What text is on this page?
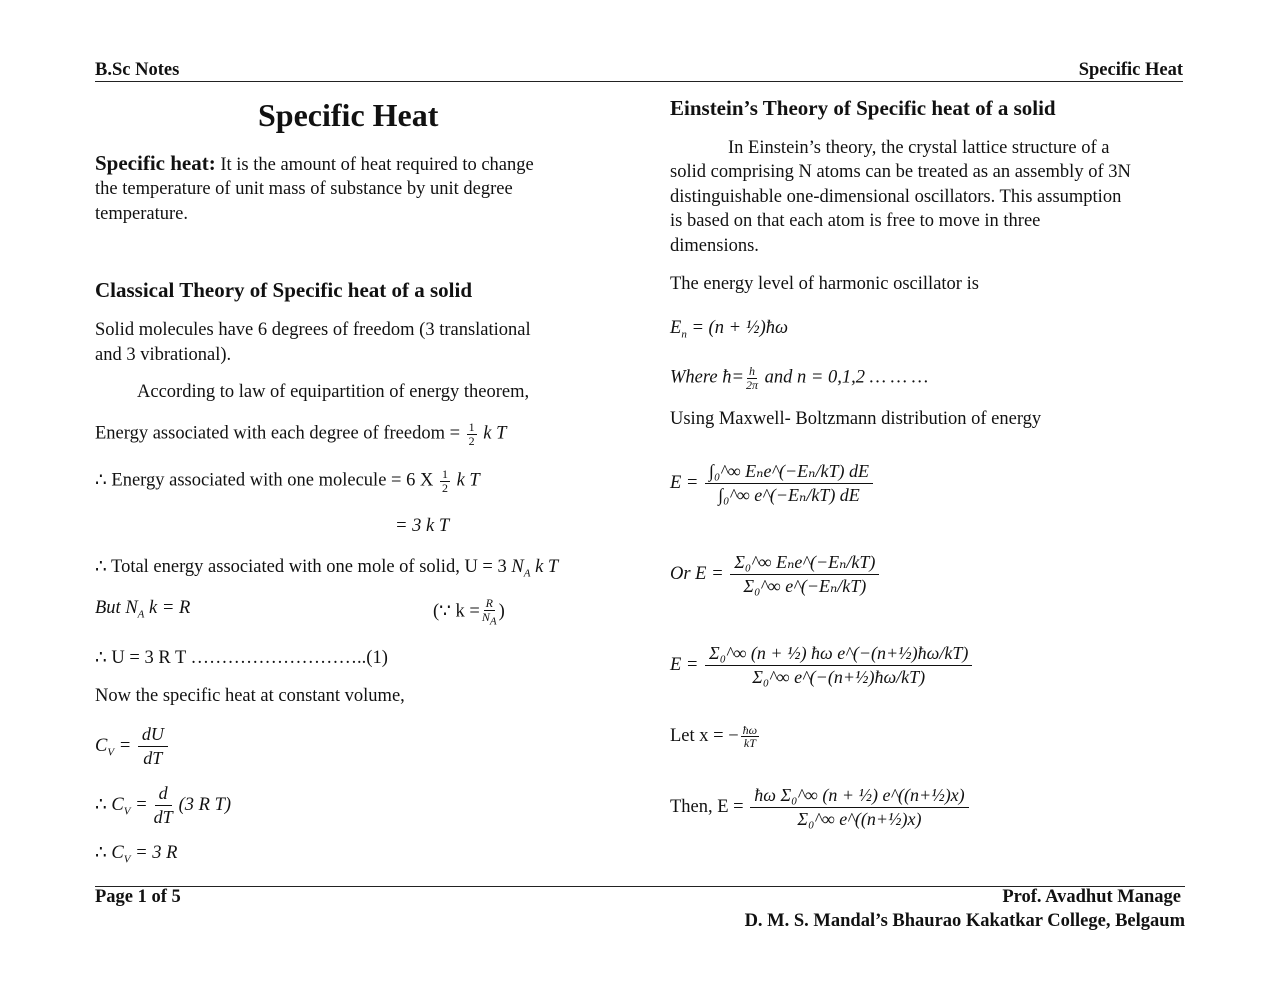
B.Sc Notes	Specific Heat
Specific Heat
Specific heat: It is the amount of heat required to change
the temperature of unit mass of substance by unit degree
temperature.
Classical Theory of Specific heat of a solid
Solid molecules have 6 degrees of freedom (3 translational
and 3 vibrational).
According to law of equipartition of energy theorem,
Energy associated with each degree of freedom = $\frac{1}{2}$ k T
∴ Energy associated with one molecule = 6 X $\frac{1}{2}$ k T
= 3 k T
∴ Total energy associated with one mole of solid, U = 3 $N_A$ k T
But $N_A$ k = R	(∵ $k = \frac{R}{N_A}$ )
∴ U = 3 R T ………………………..(1)
Now the specific heat at constant volume,
$C_V = \frac{dU}{dT}$
∴ $C_V = \frac{d}{dT} (3$ R T)
∴ $C_V = 3$ R
Einstein’s Theory of Specific heat of a solid
In Einstein’s theory, the crystal lattice structure of a
solid comprising N atoms can be treated as an assembly of 3N
distinguishable one-dimensional oscillators. This assumption
is based on that each atom is free to move in three
dimensions.
The energy level of harmonic oscillator is
$E_n = (n$ + ½)ħω
Where ħ= $\frac{h}{2\pi}$ and n = 0,1,2 … … …
Using Maxwell- Boltzmann distribution of energy
E =
∫₀^∞ Eₙe^(−Eₙ/kT) dE
∫₀^∞ e^(−Eₙ/kT) dE
Or E =
Σ₀^∞ Eₙe^(−Eₙ/kT)
Σ₀^∞ e^(−Eₙ/kT)
$E = \frac{\text{Σ₀\textasciicircum{}∞ (n + ½) ħω e\textasciicircum{}(−(n+½)ħω/kT)}}{\text{Σ₀\textasciicircum{}∞ e\textasciicircum{}(−(n+½)ħω/kT)}}$
Let x = − $\frac{ħ\omega}{kT}$
Then, $E = \frac{\text{ħω Σ₀\textasciicircum{}∞ (n + ½) e\textasciicircum{}((n+½)x)}}{\text{Σ₀\textasciicircum{}∞ e\textasciicircum{}((n+½)x)}}$
Page 1 of 5	Prof. Avadhut Manage
D. M. S. Mandal’s Bhaurao Kakatkar College, Belgaum
